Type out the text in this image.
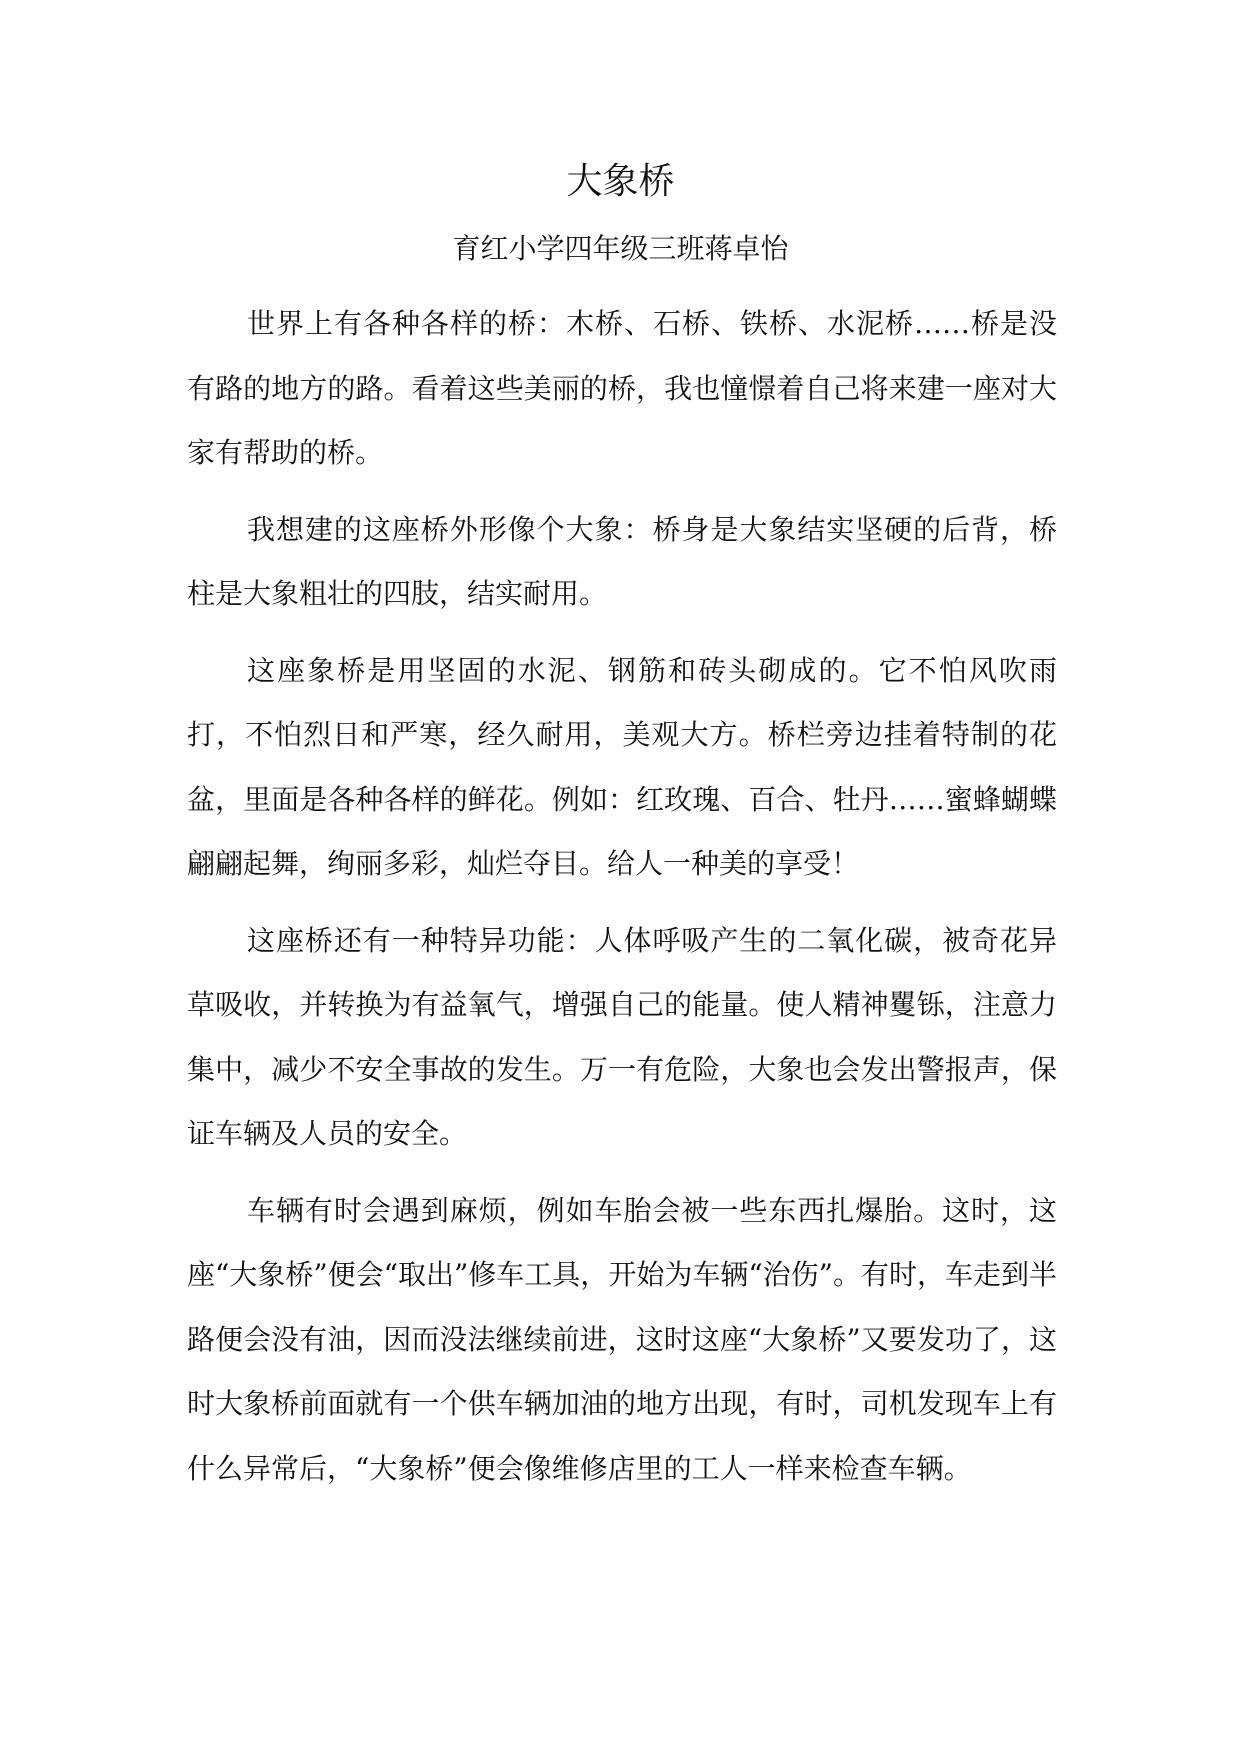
大象桥

育红小学四年级三班蒋卓怡

世界上有各种各样的桥：木桥、石桥、铁桥、水泥桥……桥是没有路的地方的路。看着这些美丽的桥，我也憧憬着自己将来建一座对大家有帮助的桥。

我想建的这座桥外形像个大象：桥身是大象结实坚硬的后背，桥柱是大象粗壮的四肢，结实耐用。

这座象桥是用坚固的水泥、钢筋和砖头砌成的。它不怕风吹雨打，不怕烈日和严寒，经久耐用，美观大方。桥栏旁边挂着特制的花盆，里面是各种各样的鲜花。例如：红玫瑰、百合、牡丹……蜜蜂蝴蝶翩翩起舞，绚丽多彩，灿烂夺目。给人一种美的享受！

这座桥还有一种特异功能：人体呼吸产生的二氧化碳，被奇花异草吸收，并转换为有益氧气，增强自己的能量。使人精神矍铄，注意力集中，减少不安全事故的发生。万一有危险，大象也会发出警报声，保证车辆及人员的安全。

车辆有时会遇到麻烦，例如车胎会被一些东西扎爆胎。这时，这座“大象桥”便会“取出”修车工具，开始为车辆“治伤”。有时，车走到半路便会没有油，因而没法继续前进，这时这座“大象桥”又要发功了，这时大象桥前面就有一个供车辆加油的地方出现，有时，司机发现车上有什么异常后，“大象桥”便会像维修店里的工人一样来检查车辆。
